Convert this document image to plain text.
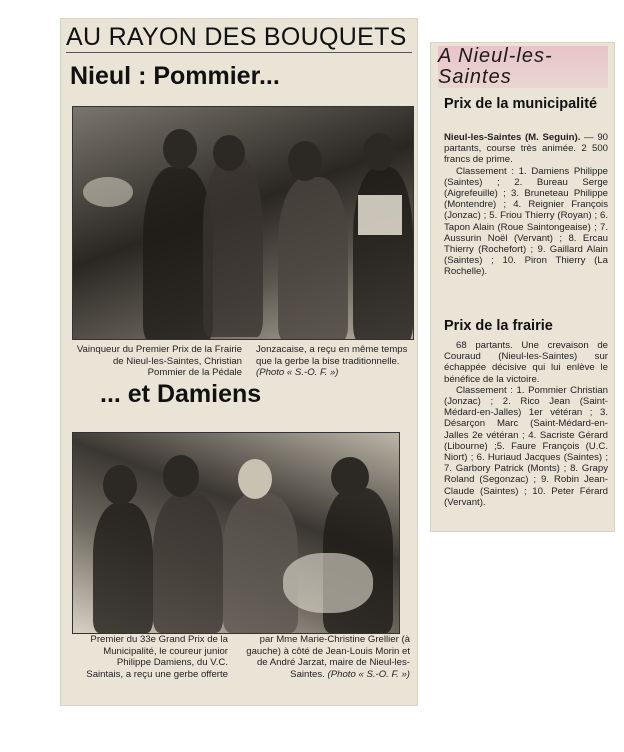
AU RAYON DES BOUQUETS
Nieul : Pommier...
Vainqueur du Premier Prix de la Frairie de Nieul-les-Saintes, Christian Pommier de la Pédale
Jonzacaise, a reçu en même temps que la gerbe la bise traditionnelle. (Photo « S.-O. F. »)
... et Damiens
Premier du 33e Grand Prix de la Municipalité, le coureur junior Philippe Damiens, du V.C. Saintais, a reçu une gerbe offerte
par Mme Marie-Christine Grellier (à gauche) à côté de Jean-Louis Morin et de André Jarzat, maire de Nieul-les-Saintes. (Photo « S.-O. F. »)
A Nieul-les-Saintes
Prix de la municipalité

Nieul-les-Saintes (M. Seguin). — 90 partants, course très animée. 2 500 francs de prime.

Classement : 1. Damiens Philippe (Saintes) ; 2. Bureau Serge (Aigrefeuille) ; 3. Bruneteau Philippe (Montendre) ; 4. Reignier François (Jonzac) ; 5. Friou Thierry (Royan) ; 6. Tapon Alain (Roue Saintongeaise) ; 7. Aussurin Noël (Vervant) ; 8. Ercau Thierry (Rochefort) ; 9. Gaillard Alain (Saintes) ; 10. Piron Thierry (La Rochelle).

Prix de la frairie

68 partants. Une crevaison de Couraud (Nieul-les-Saintes) sur échappée décisive qui lui enlève le bénéfice de la victoire.

Classement : 1. Pommier Christian (Jonzac) ; 2. Rico Jean (Saint-Médard-en-Jalles) 1er vétéran ; 3. Désarçon Marc (Saint-Médard-en-Jalles 2e vétéran ; 4. Sacriste Gérard (Libourne) ;5. Faure François (U.C. Niort) ; 6. Huriaud Jacques (Saintes) ; 7. Garbory Patrick (Monts) ; 8. Grapy Roland (Segonzac) ; 9. Robin Jean-Claude (Saintes) ; 10. Peter Férard (Vervant).
